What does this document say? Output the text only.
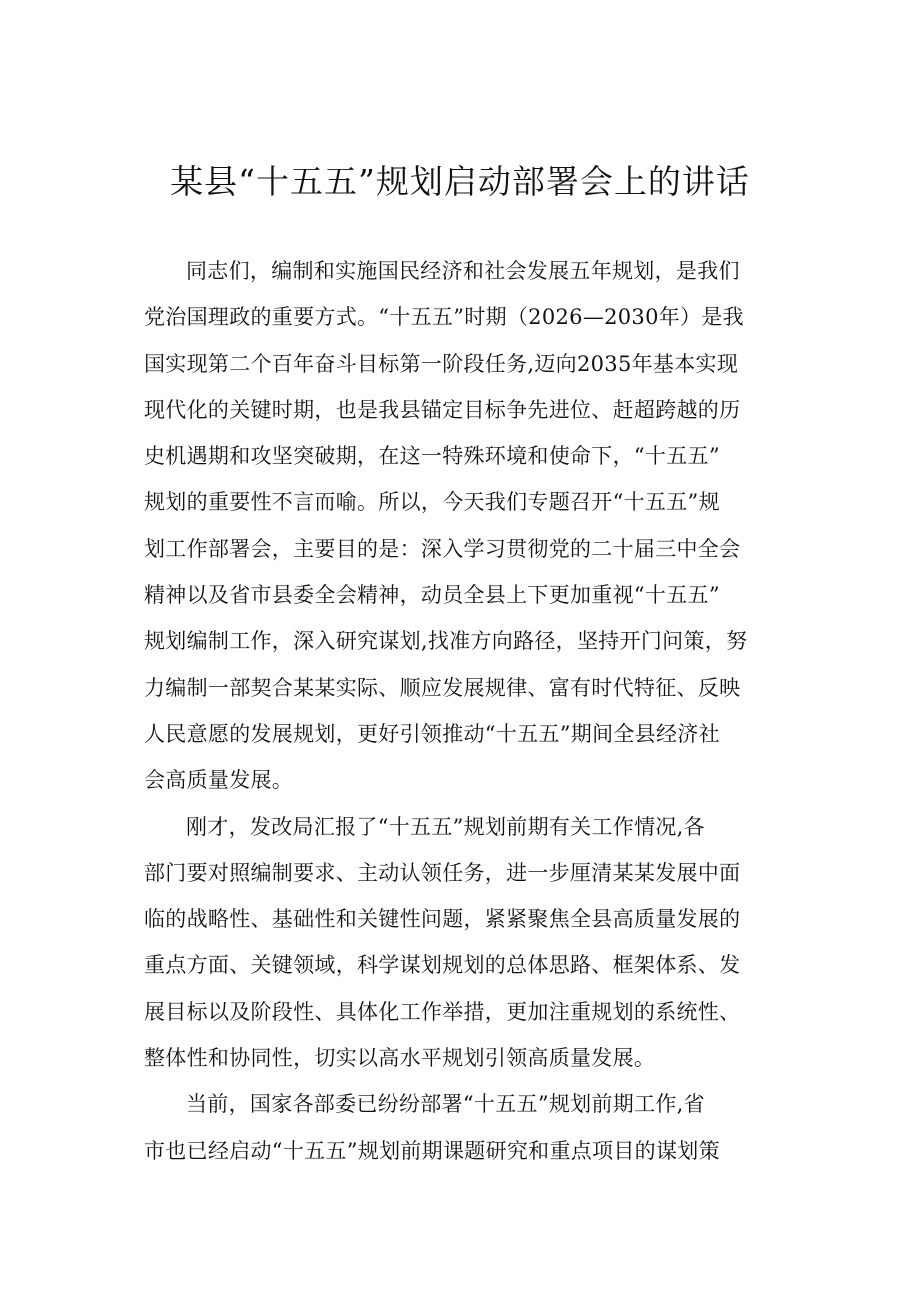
某县“十五五”规划启动部署会上的讲话

同志们，编制和实施国民经济和社会发展五年规划，是我们
党治国理政的重要方式。“十五五”时期（2026—2030年）是我
国实现第二个百年奋斗目标第一阶段任务,迈向2035年基本实现
现代化的关键时期，也是我县锚定目标争先进位、赶超跨越的历
史机遇期和攻坚突破期，在这一特殊环境和使命下，“十五五”
规划的重要性不言而喻。所以，今天我们专题召开“十五五”规
划工作部署会，主要目的是：深入学习贯彻党的二十届三中全会
精神以及省市县委全会精神，动员全县上下更加重视“十五五”
规划编制工作，深入研究谋划,找准方向路径，坚持开门问策，努
力编制一部契合某某实际、顺应发展规律、富有时代特征、反映
人民意愿的发展规划，更好引领推动“十五五”期间全县经济社
会高质量发展。

刚才，发改局汇报了“十五五”规划前期有关工作情况,各
部门要对照编制要求、主动认领任务，进一步厘清某某发展中面
临的战略性、基础性和关键性问题，紧紧聚焦全县高质量发展的
重点方面、关键领域，科学谋划规划的总体思路、框架体系、发
展目标以及阶段性、具体化工作举措，更加注重规划的系统性、
整体性和协同性，切实以高水平规划引领高质量发展。

当前，国家各部委已纷纷部署“十五五”规划前期工作,省
市也已经启动“十五五”规划前期课题研究和重点项目的谋划策
